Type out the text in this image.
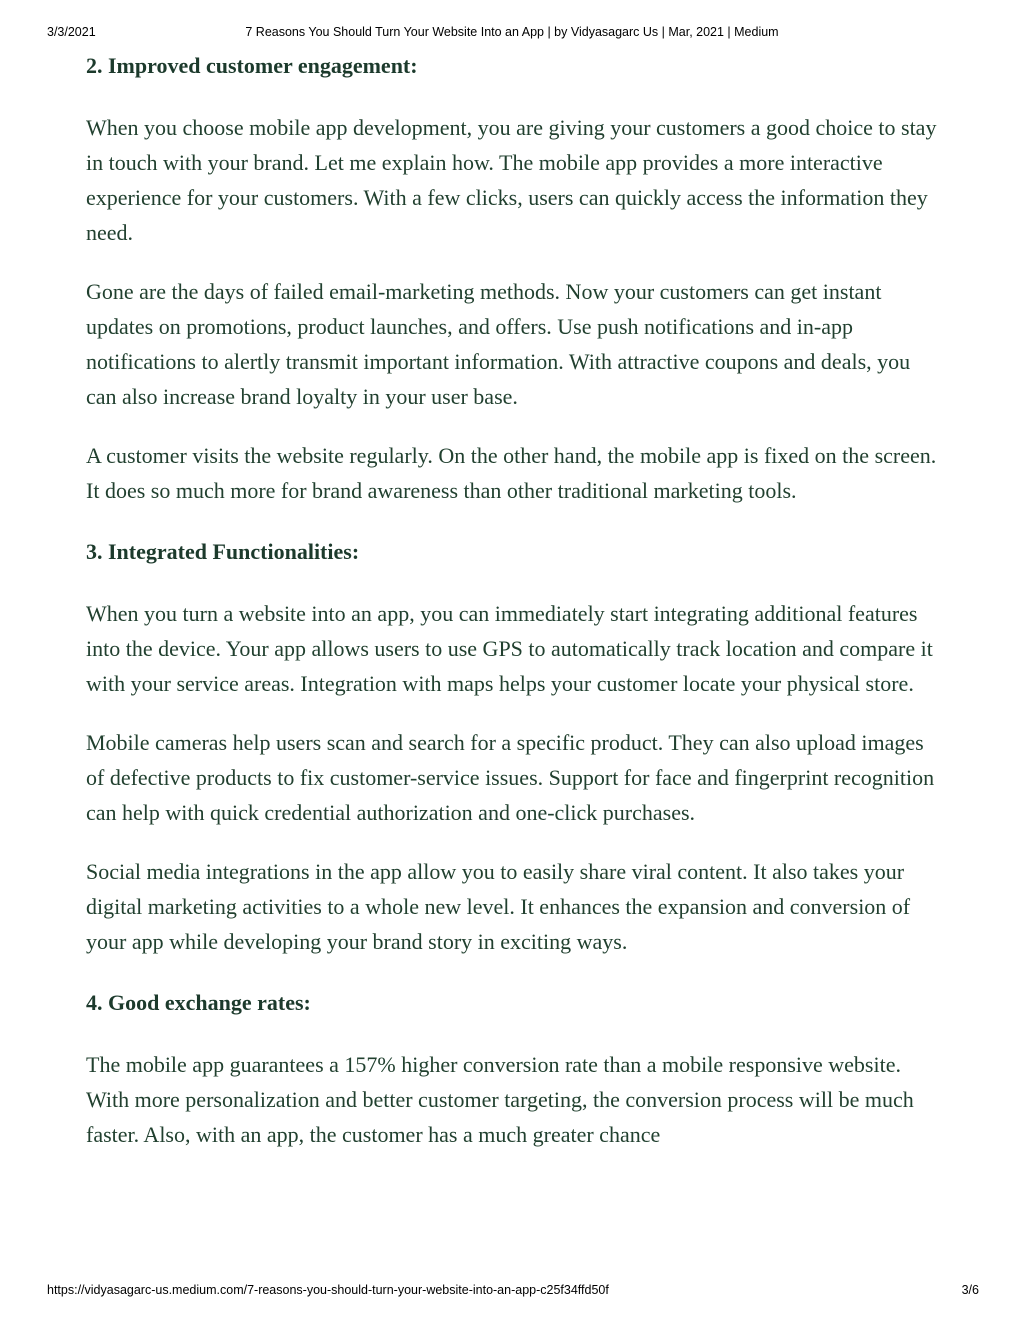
3/3/2021	7 Reasons You Should Turn Your Website Into an App | by Vidyasagarc Us | Mar, 2021 | Medium
2. Improved customer engagement:

When you choose mobile app development, you are giving your customers a good choice to stay in touch with your brand. Let me explain how. The mobile app provides a more interactive experience for your customers. With a few clicks, users can quickly access the information they need.

Gone are the days of failed email-marketing methods. Now your customers can get instant updates on promotions, product launches, and offers. Use push notifications and in-app notifications to alertly transmit important information. With attractive coupons and deals, you can also increase brand loyalty in your user base.

A customer visits the website regularly. On the other hand, the mobile app is fixed on the screen. It does so much more for brand awareness than other traditional marketing tools.

3. Integrated Functionalities:

When you turn a website into an app, you can immediately start integrating additional features into the device. Your app allows users to use GPS to automatically track location and compare it with your service areas. Integration with maps helps your customer locate your physical store.

Mobile cameras help users scan and search for a specific product. They can also upload images of defective products to fix customer-service issues. Support for face and fingerprint recognition can help with quick credential authorization and one-click purchases.

Social media integrations in the app allow you to easily share viral content. It also takes your digital marketing activities to a whole new level. It enhances the expansion and conversion of your app while developing your brand story in exciting ways.

4. Good exchange rates:

The mobile app guarantees a 157% higher conversion rate than a mobile responsive website. With more personalization and better customer targeting, the conversion process will be much faster. Also, with an app, the customer has a much greater chance

https://vidyasagarc-us.medium.com/7-reasons-you-should-turn-your-website-into-an-app-c25f34ffd50f	3/6
